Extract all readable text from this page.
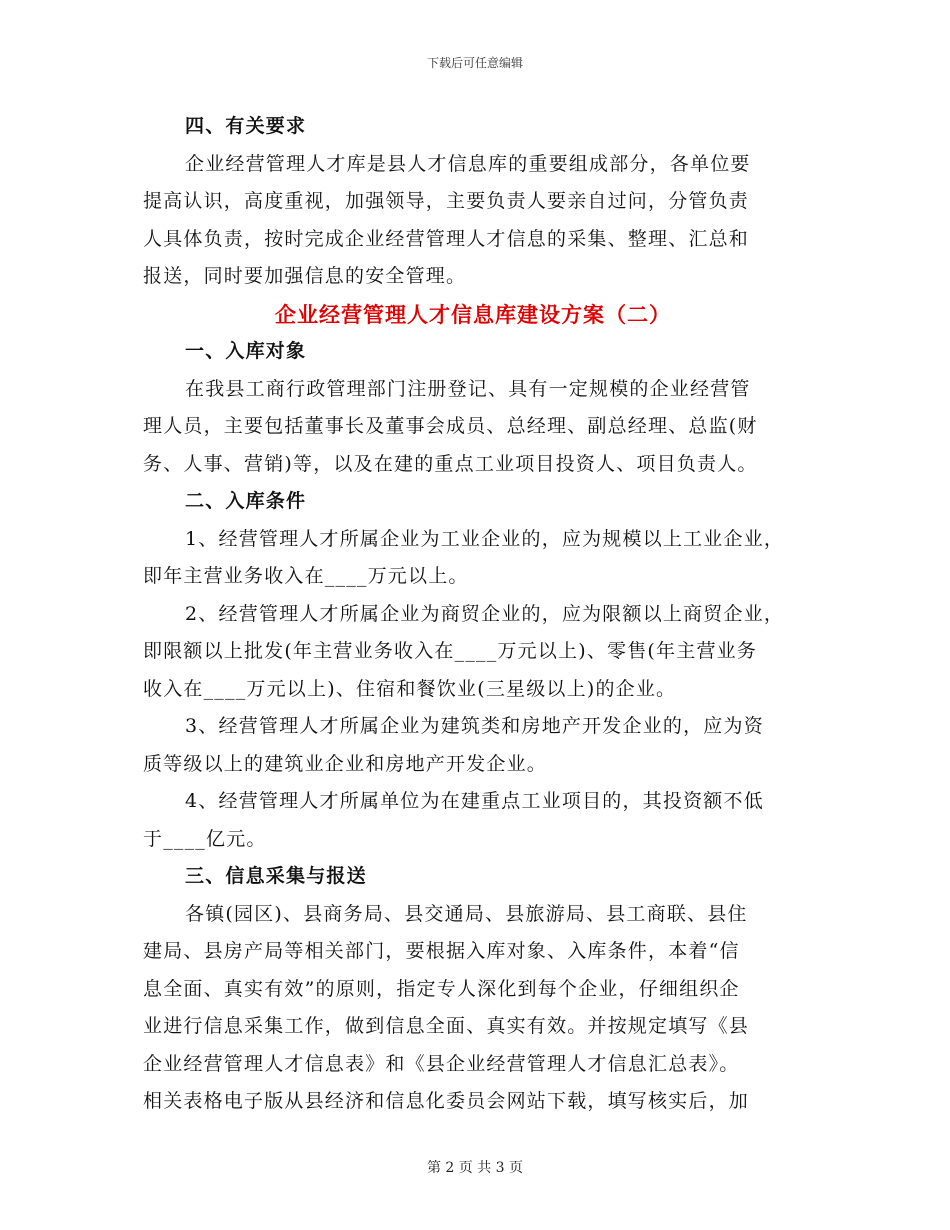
下载后可任意编辑
四、有关要求
企业经营管理人才库是县人才信息库的重要组成部分，各单位要
提高认识，高度重视，加强领导，主要负责人要亲自过问，分管负责
人具体负责，按时完成企业经营管理人才信息的采集、整理、汇总和
报送，同时要加强信息的安全管理。
企业经营管理人才信息库建设方案（二）
一、入库对象
在我县工商行政管理部门注册登记、具有一定规模的企业经营管
理人员，主要包括董事长及董事会成员、总经理、副总经理、总监(财
务、人事、营销)等，以及在建的重点工业项目投资人、项目负责人。
二、入库条件
1、经营管理人才所属企业为工业企业的，应为规模以上工业企业，
即年主营业务收入在____万元以上。
2、经营管理人才所属企业为商贸企业的，应为限额以上商贸企业，
即限额以上批发(年主营业务收入在____万元以上)、零售(年主营业务
收入在____万元以上)、住宿和餐饮业(三星级以上)的企业。
3、经营管理人才所属企业为建筑类和房地产开发企业的，应为资
质等级以上的建筑业企业和房地产开发企业。
4、经营管理人才所属单位为在建重点工业项目的，其投资额不低
于____亿元。
三、信息采集与报送
各镇(园区)、县商务局、县交通局、县旅游局、县工商联、县住
建局、县房产局等相关部门，要根据入库对象、入库条件，本着“信
息全面、真实有效”的原则，指定专人深化到每个企业，仔细组织企
业进行信息采集工作，做到信息全面、真实有效。并按规定填写《县
企业经营管理人才信息表》和《县企业经营管理人才信息汇总表》。
相关表格电子版从县经济和信息化委员会网站下载，填写核实后，加
第 2 页 共 3 页
